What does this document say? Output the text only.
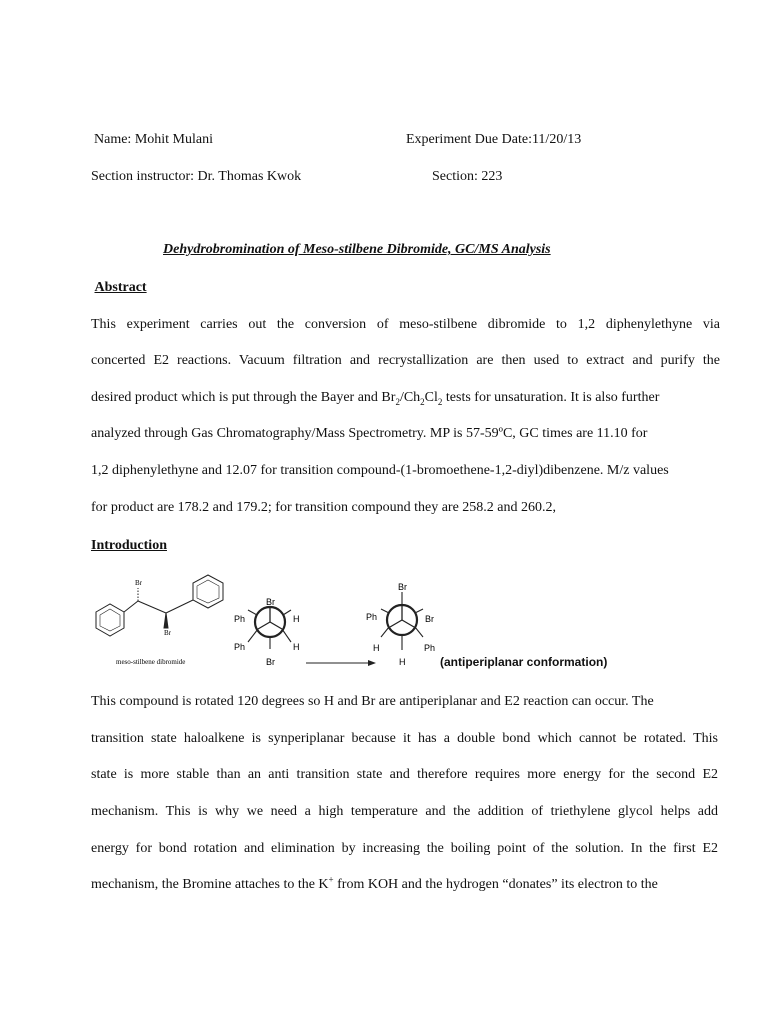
Name: Mohit Mulani	Experiment Due Date:11/20/13
Section instructor: Dr. Thomas Kwok	Section: 223
Dehydrobromination of Meso-stilbene Dibromide, GC/MS Analysis
Abstract
This experiment carries out the conversion of meso-stilbene dibromide to 1,2 diphenylethyne via
concerted E2 reactions. Vacuum filtration and recrystallization are then used to extract and purify the
desired product which is put through the Bayer and $Br_2/Ch_2Cl_2$ tests for unsaturation. It is also further
analyzed through Gas Chromatography/Mass Spectrometry. MP is 57-59ºC, GC times are 11.10 for
1,2 diphenylethyne and 12.07 for transition compound-(1-bromoethene-1,2-diyl)dibenzene. M/z values
for product are 178.2 and 179.2; for transition compound they are 258.2 and 260.2,
Introduction
Br
Br
meso-stilbene dibromide
Br
Ph	H
Ph	H
Br
Br
Ph	Br
H	Ph
H	(antiperiplanar conformation)
This compound is rotated 120 degrees so H and Br are antiperiplanar and E2 reaction can occur. The
transition state haloalkene is synperiplanar because it has a double bond which cannot be rotated. This
state is more stable than an anti transition state and therefore requires more energy for the second E2
mechanism. This is why we need a high temperature and the addition of triethylene glycol helps add
energy for bond rotation and elimination by increasing the boiling point of the solution. In the first E2
mechanism, the Bromine attaches to the K+ from KOH and the hydrogen “donates” its electron to the
